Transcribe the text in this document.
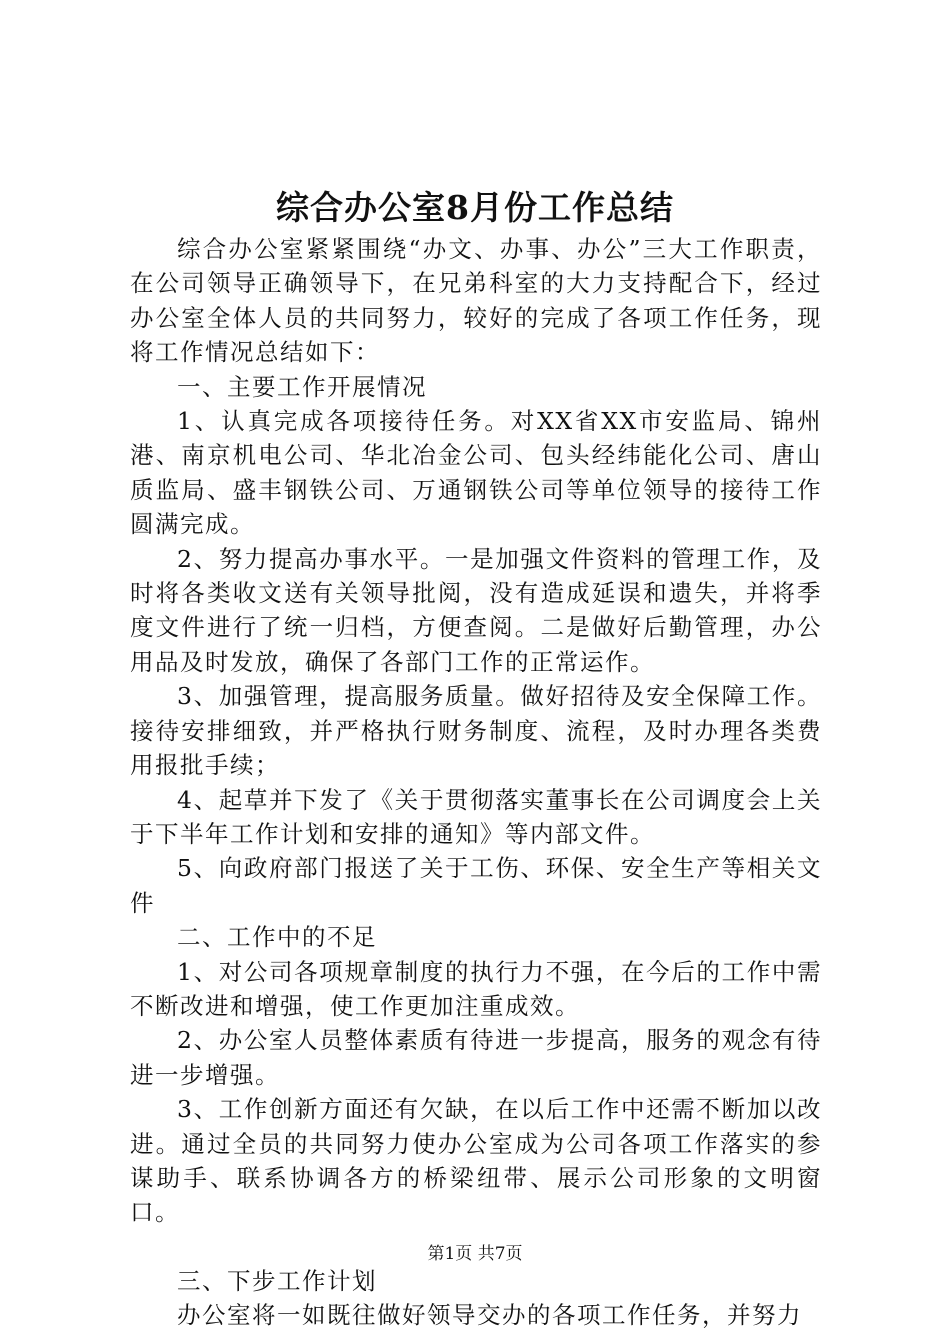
综合办公室8月份工作总结

综合办公室紧紧围绕“办文、办事、办公”三大工作职责，在公司领导正确领导下，在兄弟科室的大力支持配合下，经过办公室全体人员的共同努力，较好的完成了各项工作任务，现将工作情况总结如下：

一、主要工作开展情况

1、认真完成各项接待任务。对XX省XX市安监局、锦州港、南京机电公司、华北冶金公司、包头经纬能化公司、唐山质监局、盛丰钢铁公司、万通钢铁公司等单位领导的接待工作圆满完成。

2、努力提高办事水平。一是加强文件资料的管理工作，及时将各类收文送有关领导批阅，没有造成延误和遗失，并将季度文件进行了统一归档，方便查阅。二是做好后勤管理，办公用品及时发放，确保了各部门工作的正常运作。

3、加强管理，提高服务质量。做好招待及安全保障工作。接待安排细致，并严格执行财务制度、流程，及时办理各类费用报批手续；

4、起草并下发了《关于贯彻落实董事长在公司调度会上关于下半年工作计划和安排的通知》等内部文件。

5、向政府部门报送了关于工伤、环保、安全生产等相关文件

二、工作中的不足

1、对公司各项规章制度的执行力不强，在今后的工作中需不断改进和增强，使工作更加注重成效。

2、办公室人员整体素质有待进一步提高，服务的观念有待进一步增强。

3、工作创新方面还有欠缺，在以后工作中还需不断加以改进。通过全员的共同努力使办公室成为公司各项工作落实的参谋助手、联系协调各方的桥梁纽带、展示公司形象的文明窗口。

三、下步工作计划

办公室将一如既往做好领导交办的各项工作任务，并努力

第1页 共7页
